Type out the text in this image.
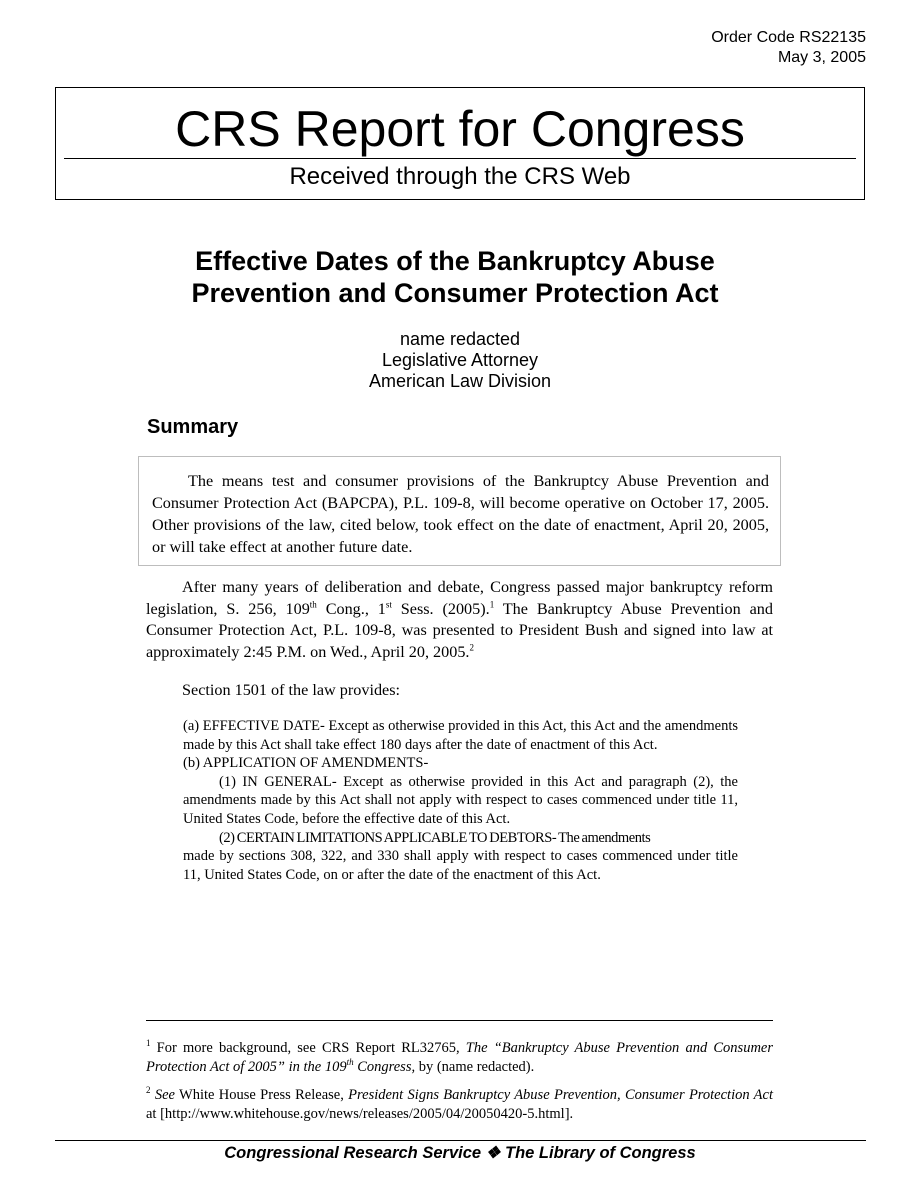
Order Code RS22135
May 3, 2005
CRS Report for Congress
Received through the CRS Web
Effective Dates of the Bankruptcy Abuse
Prevention and Consumer Protection Act
name redacted
Legislative Attorney
American Law Division
Summary

The means test and consumer provisions of the Bankruptcy Abuse Prevention and Consumer Protection Act (BAPCPA), P.L. 109-8, will become operative on October 17, 2005. Other provisions of the law, cited below, took effect on the date of enactment, April 20, 2005, or will take effect at another future date.

After many years of deliberation and debate, Congress passed major bankruptcy reform legislation, S. 256, 109th Cong., 1st Sess. (2005).$^1$ The Bankruptcy Abuse Prevention and Consumer Protection Act, P.L. 109-8, was presented to President Bush and signed into law at approximately 2:45 P.M. on Wed., April 20, 2005.$^2$

Section 1501 of the law provides:

(a) EFFECTIVE DATE- Except as otherwise provided in this Act, this Act and the amendments made by this Act shall take effect 180 days after the date of enactment of this Act.

(b) APPLICATION OF AMENDMENTS-

(1) IN GENERAL- Except as otherwise provided in this Act and paragraph (2), the amendments made by this Act shall not apply with respect to cases commenced under title 11, United States Code, before the effective date of this Act.

(2) CERTAIN LIMITATIONS APPLICABLE TO DEBTORS- The amendments

made by sections 308, 322, and 330 shall apply with respect to cases commenced under title 11, United States Code, on or after the date of the enactment of this Act.

$^1$ For more background, see CRS Report RL32765, The “Bankruptcy Abuse Prevention and Consumer Protection Act of 2005” in the 109th Congress, by (name redacted).

$^2$ See White House Press Release, President Signs Bankruptcy Abuse Prevention, Consumer Protection Act at [http://www.whitehouse.gov/news/releases/2005/04/20050420-5.html].

Congressional Research Service ❖ The Library of Congress
